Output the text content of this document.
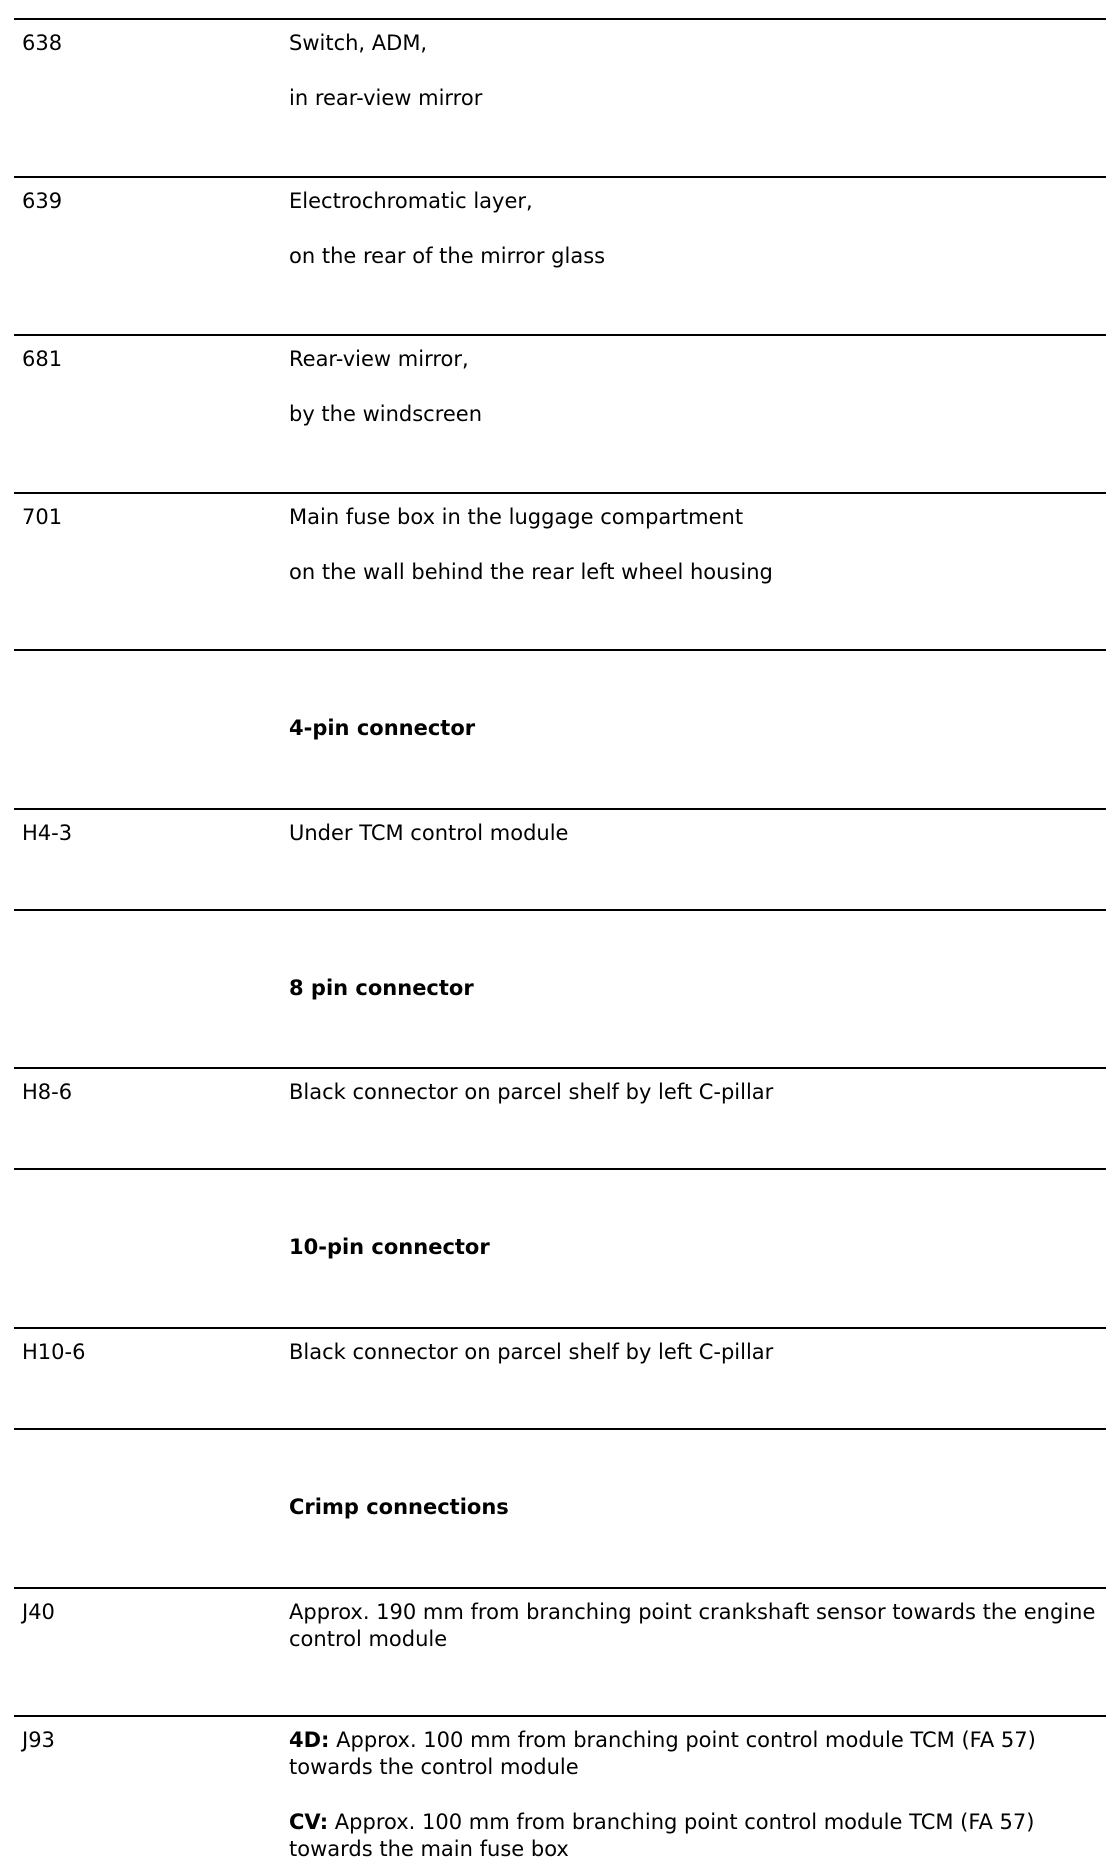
638	Switch, ADM,

in rear-view mirror

639	Electrochromatic layer,

on the rear of the mirror glass

681	Rear-view mirror,

by the windscreen

701	Main fuse box in the luggage compartment

on the wall behind the rear left wheel housing

4-pin connector
H4-3	Under TCM control module

8 pin connector
H8-6	Black connector on parcel shelf by left C-pillar

10-pin connector
H10-6	Black connector on parcel shelf by left C-pillar

Crimp connections
J40	Approx. 190 mm from branching point crankshaft sensor towards the engine control module

J93	4D: Approx. 100 mm from branching point control module TCM (FA 57) towards the control module

CV: Approx. 100 mm from branching point control module TCM (FA 57) towards the main fuse box
